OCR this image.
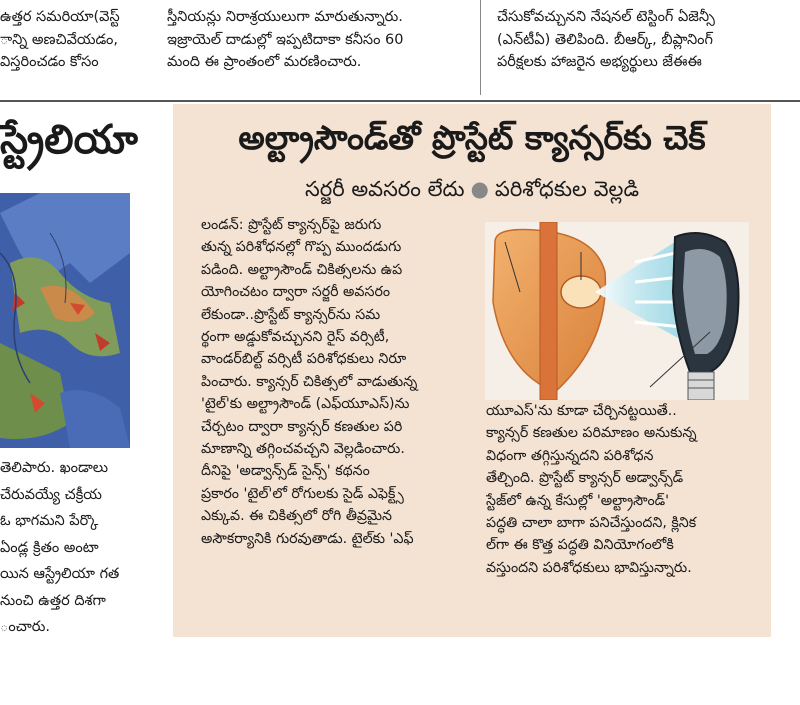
ఉత్తర సమరియా(వెస్ట్
ాన్ని అణచివేయడం,
విస్తరించడం కోసం
స్తీనియన్లు నిరాశ్రయులుగా మారుతున్నారు.
ఇజ్రాయెల్ దాడుల్లో ఇప్పటిదాకా కనీసం 60
మంది ఈ ప్రాంతంలో మరణించారు.
చేసుకోవచ్చునని నేషనల్ టెస్టింగ్ ఏజెన్సీ
(ఎన్‌టీఏ) తెలిపింది. బీఆర్క్, బీప్లానింగ్
పరీక్షలకు హాజరైన అభ్యర్థులు జేఈఈ
స్ట్రేలియా
తెలిపారు. ఖండాలు
చేరువయ్యే చక్రీయ
ఓ భాగమని పేర్కొ
ఏండ్ల క్రితం అంటా
యిన ఆస్ట్రేలియా గత
నుంచి ఉత్తర దిశగా
ంచారు.
అల్ట్రాసౌండ్‌తో ప్రొస్టేట్ క్యాన్సర్‌కు చెక్
సర్జరీ అవసరం లేదు ● పరిశోధకుల వెల్లడి
లండన్: ప్రొస్టేట్ క్యాన్సర్‌పై జరుగు
తున్న పరిశోధనల్లో గొప్ప ముందడుగు
పడింది. అల్ట్రాసౌండ్ చికిత్సలను ఉప
యోగించటం ద్వారా సర్జరీ అవసరం
లేకుండా..ప్రొస్టేట్ క్యాన్సర్‌ను సమ
ర్థంగా అడ్డుకోవచ్చునని రైస్ వర్సిటీ,
వాండర్‌బిల్ట్ వర్సిటీ పరిశోధకులు నిరూ
పించారు. క్యాన్సర్ చికిత్సలో వాడుతున్న
'టైల్'కు అల్ట్రాసౌండ్ (ఎఫ్‌యూఎస్)ను
చేర్చటం ద్వారా క్యాన్సర్ కణతుల పరి
మాణాన్ని తగ్గించవచ్చని వెల్లడించారు.
దీనిపై 'అడ్వాన్స్‌డ్ సైన్స్' కథనం
ప్రకారం 'టైల్‌'లో రోగులకు సైడ్ ఎఫెక్ట్స్
ఎక్కువ. ఈ చికిత్సలో రోగి తీవ్రమైన
అసౌకర్యానికి గురవుతాడు. టైల్‌కు 'ఎఫ్
యూఎస్'ను కూడా చేర్చినట్టయితే..
క్యాన్సర్ కణతుల పరిమాణం అనుకున్న
విధంగా తగ్గిస్తున్నదని పరిశోధన
తేల్చింది. ప్రొస్టేట్ క్యాన్సర్ అడ్వాన్స్‌డ్
స్టేజ్‌లో ఉన్న కేసుల్లో 'అల్ట్రాసౌండ్'
పద్ధతి చాలా బాగా పనిచేస్తుందని, క్లినిక
ల్‌గా ఈ కొత్త పద్ధతి వినియోగంలోకి
వస్తుందని పరిశోధకులు భావిస్తున్నారు.
